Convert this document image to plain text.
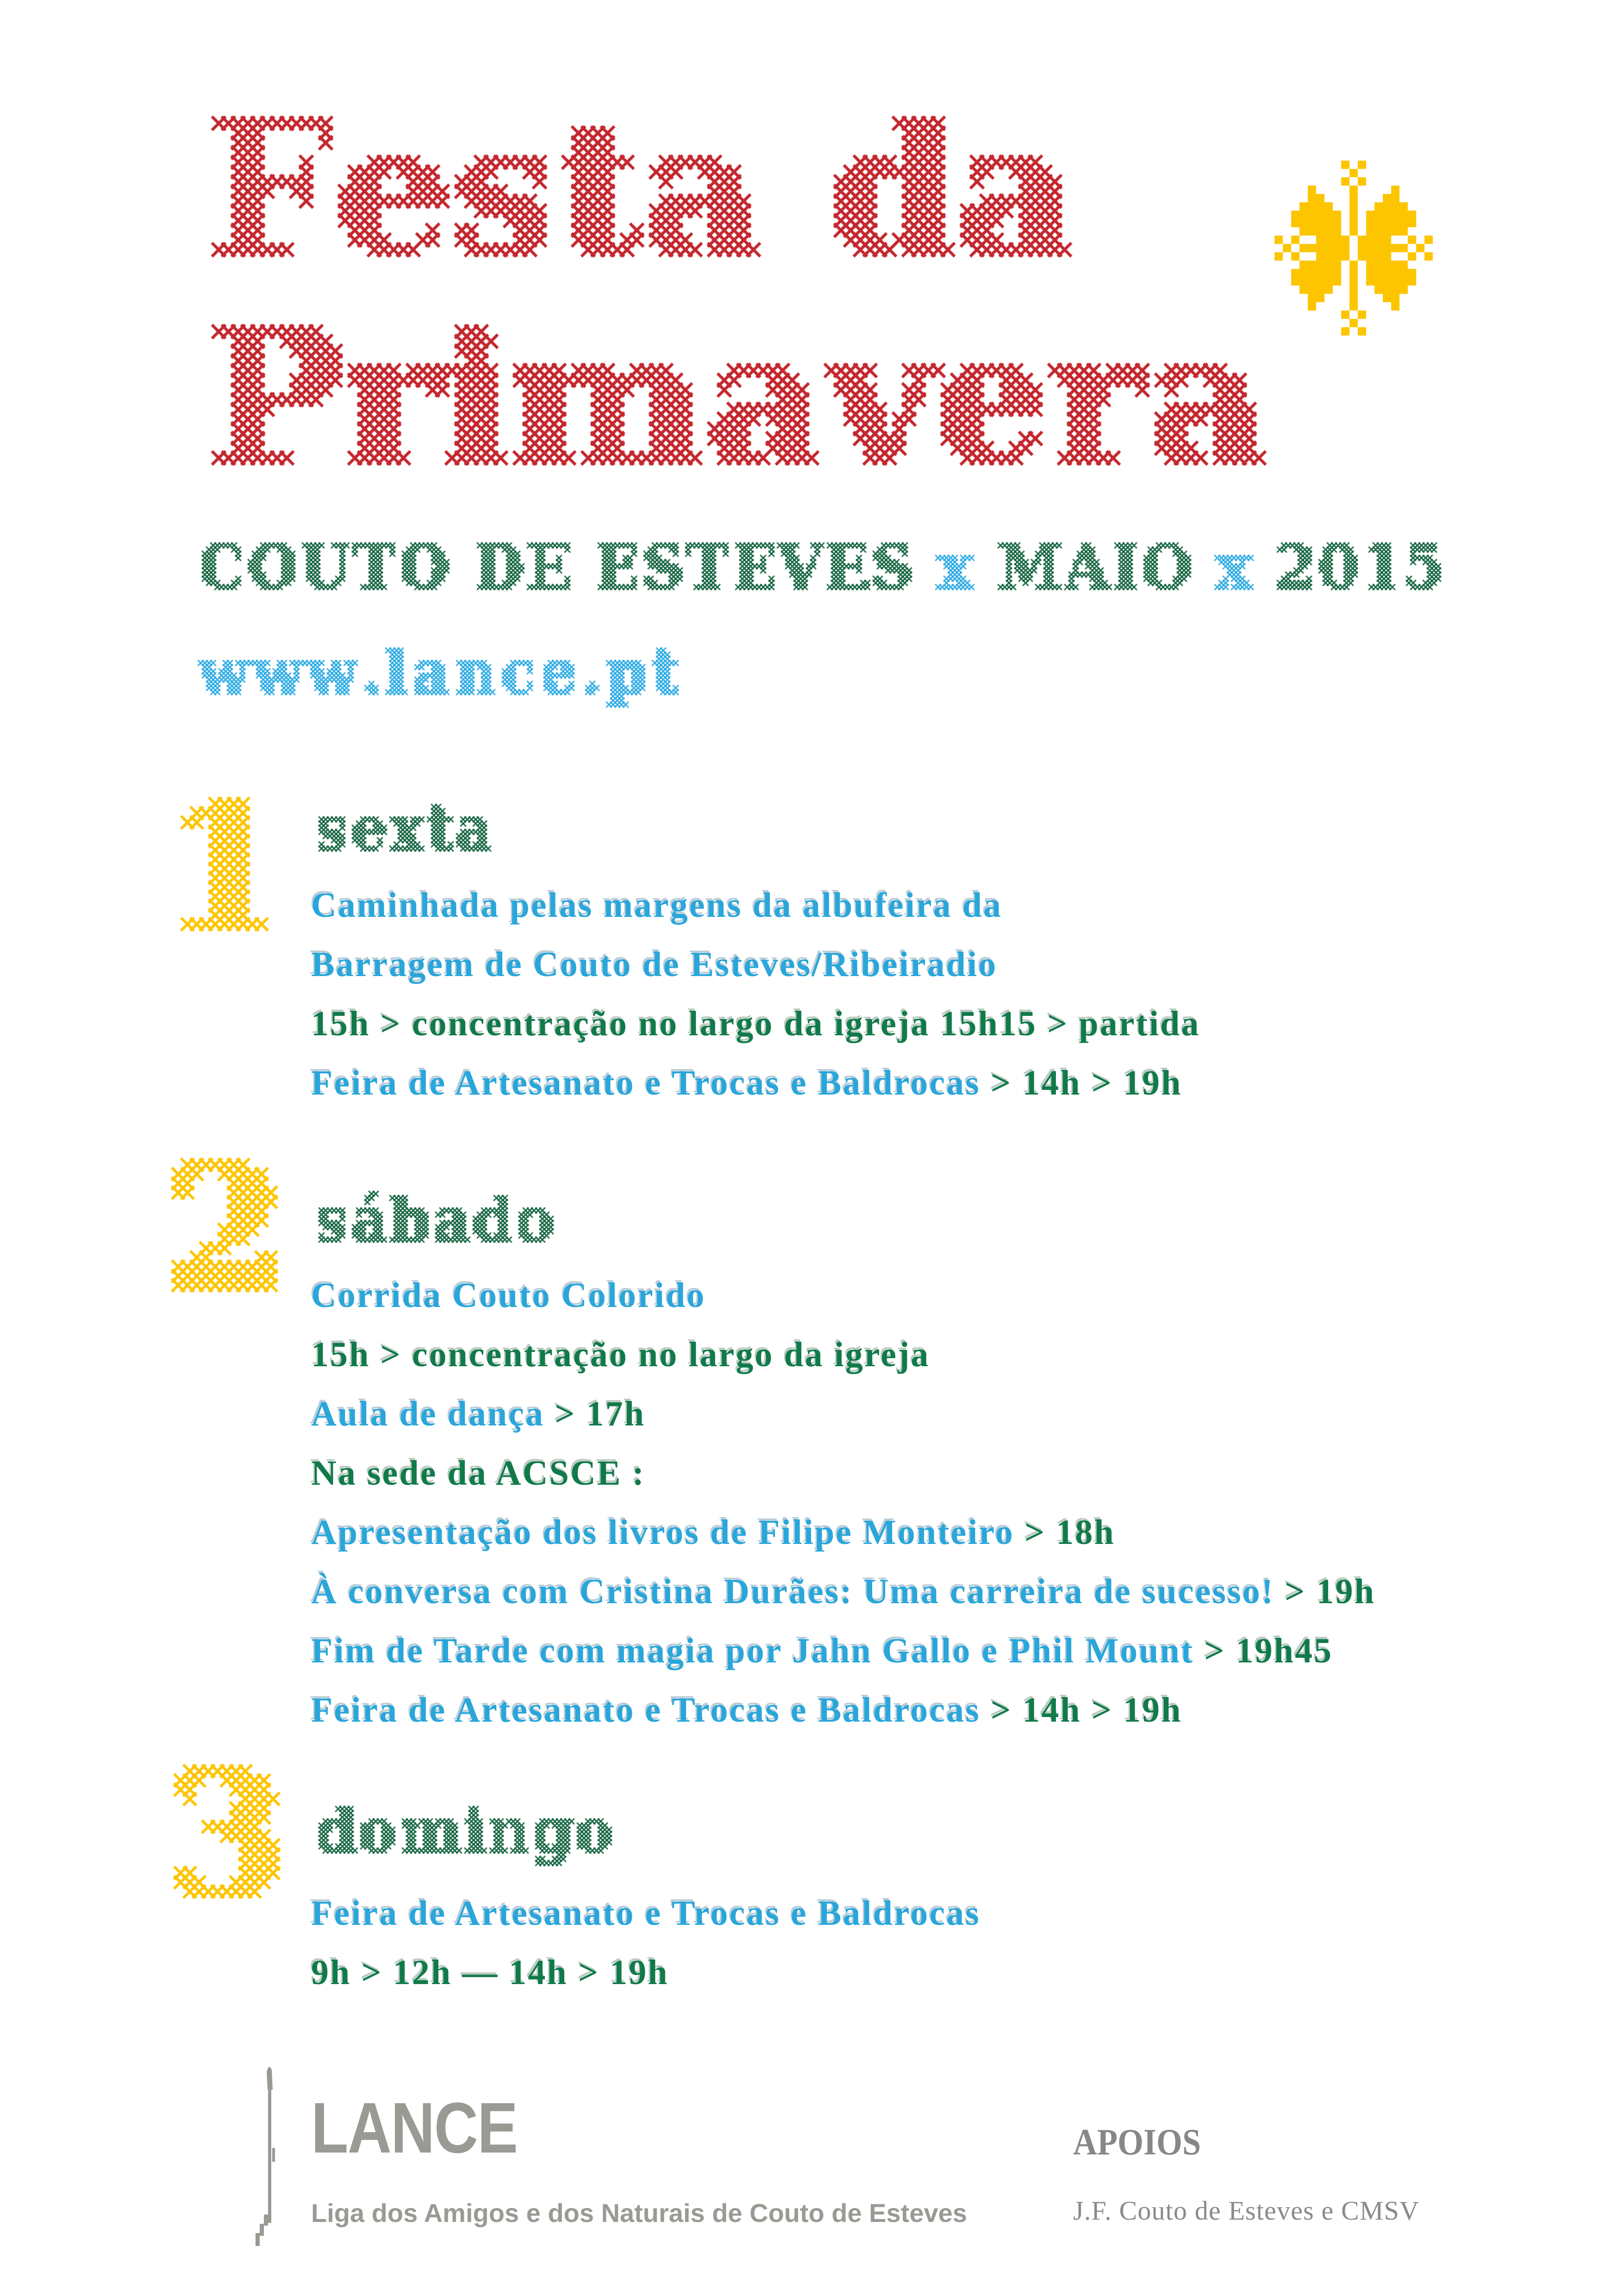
Caminhada pelas margens da albufeira da
Barragem de Couto de Esteves/Ribeiradio
15h > concentração no largo da igreja 15h15 > partida
Feira de Artesanato e Trocas e Baldrocas > 14h > 19h
Corrida Couto Colorido
15h > concentração no largo da igreja
Aula de dança > 17h
Na sede da ACSCE :
Apresentação dos livros de Filipe Monteiro > 18h
À conversa com Cristina Durães: Uma carreira de sucesso! > 19h
Fim de Tarde com magia por Jahn Gallo e Phil Mount > 19h45
Feira de Artesanato e Trocas e Baldrocas > 14h > 19h
Feira de Artesanato e Trocas e Baldrocas
9h > 12h — 14h > 19h
LANCE
Liga dos Amigos e dos Naturais de Couto de Esteves
APOIOS
J.F. Couto de Esteves e CMSV
